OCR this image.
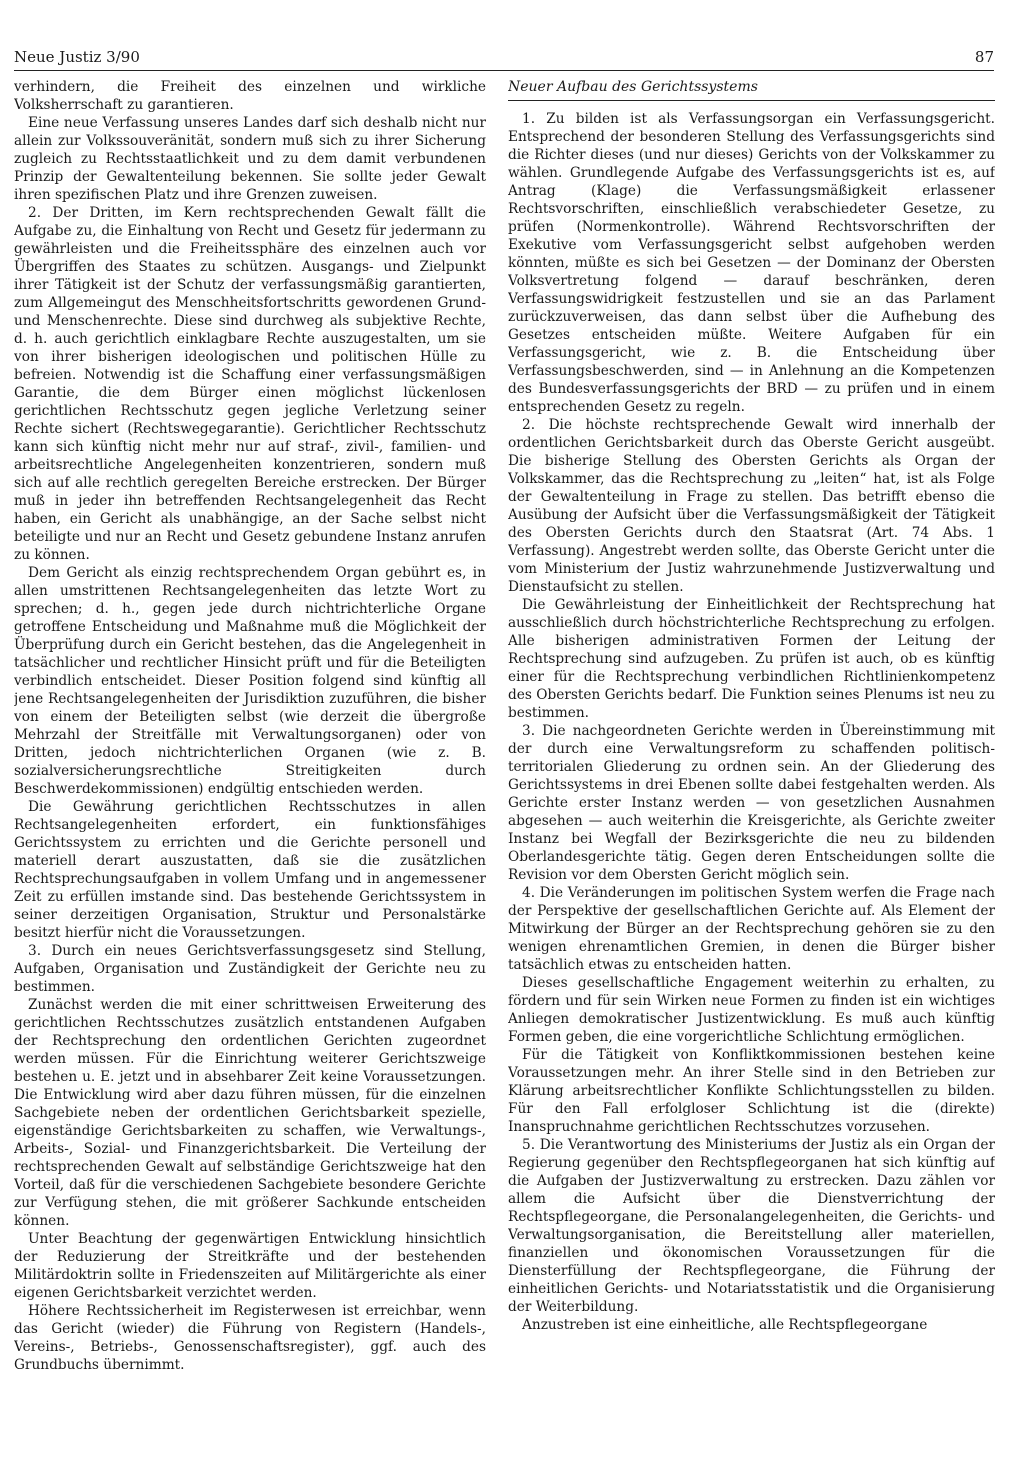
Neue Justiz 3/90	87

verhindern, die Freiheit des einzelnen und wirkliche Volksherrschaft zu garantieren.

Eine neue Verfassung unseres Landes darf sich deshalb nicht nur allein zur Volkssouveränität, sondern muß sich zu ihrer Sicherung zugleich zu Rechtsstaatlichkeit und zu dem damit verbundenen Prinzip der Gewaltenteilung bekennen. Sie sollte jeder Gewalt ihren spezifischen Platz und ihre Grenzen zuweisen.

2. Der Dritten, im Kern rechtsprechenden Gewalt fällt die Aufgabe zu, die Einhaltung von Recht und Gesetz für jedermann zu gewährleisten und die Freiheitssphäre des einzelnen auch vor Übergriffen des Staates zu schützen. Ausgangs- und Zielpunkt ihrer Tätigkeit ist der Schutz der verfassungsmäßig garantierten, zum Allgemeingut des Menschheitsfortschritts gewordenen Grund- und Menschenrechte. Diese sind durchweg als subjektive Rechte, d. h. auch gerichtlich einklagbare Rechte auszugestalten, um sie von ihrer bisherigen ideologischen und politischen Hülle zu befreien. Notwendig ist die Schaffung einer verfassungsmäßigen Garantie, die dem Bürger einen möglichst lückenlosen gerichtlichen Rechtsschutz gegen jegliche Verletzung seiner Rechte sichert (Rechtswegegarantie). Gerichtlicher Rechtsschutz kann sich künftig nicht mehr nur auf straf-, zivil-, familien- und arbeitsrechtliche Angelegenheiten konzentrieren, sondern muß sich auf alle rechtlich geregelten Bereiche erstrecken. Der Bürger muß in jeder ihn betreffenden Rechtsangelegenheit das Recht haben, ein Gericht als unabhängige, an der Sache selbst nicht beteiligte und nur an Recht und Gesetz gebundene Instanz anrufen zu können.

Dem Gericht als einzig rechtsprechendem Organ gebührt es, in allen umstrittenen Rechtsangelegenheiten das letzte Wort zu sprechen; d. h., gegen jede durch nichtrichterliche Organe getroffene Entscheidung und Maßnahme muß die Möglichkeit der Überprüfung durch ein Gericht bestehen, das die Angelegenheit in tatsächlicher und rechtlicher Hinsicht prüft und für die Beteiligten verbindlich entscheidet. Dieser Position folgend sind künftig all jene Rechtsangelegenheiten der Jurisdiktion zuzuführen, die bisher von einem der Beteiligten selbst (wie derzeit die übergroße Mehrzahl der Streitfälle mit Verwaltungsorganen) oder von Dritten, jedoch nichtrichterlichen Organen (wie z. B. sozialversicherungsrechtliche Streitigkeiten durch Beschwerdekommissionen) endgültig entschieden werden.

Die Gewährung gerichtlichen Rechtsschutzes in allen Rechtsangelegenheiten erfordert, ein funktionsfähiges Gerichtssystem zu errichten und die Gerichte personell und materiell derart auszustatten, daß sie die zusätzlichen Rechtsprechungsaufgaben in vollem Umfang und in angemessener Zeit zu erfüllen imstande sind. Das bestehende Gerichtssystem in seiner derzeitigen Organisation, Struktur und Personalstärke besitzt hierfür nicht die Voraussetzungen.

3. Durch ein neues Gerichtsverfassungsgesetz sind Stellung, Aufgaben, Organisation und Zuständigkeit der Gerichte neu zu bestimmen.

Zunächst werden die mit einer schrittweisen Erweiterung des gerichtlichen Rechtsschutzes zusätzlich entstandenen Aufgaben der Rechtsprechung den ordentlichen Gerichten zugeordnet werden müssen. Für die Einrichtung weiterer Gerichtszweige bestehen u. E. jetzt und in absehbarer Zeit keine Voraussetzungen. Die Entwicklung wird aber dazu führen müssen, für die einzelnen Sachgebiete neben der ordentlichen Gerichtsbarkeit spezielle, eigenständige Gerichtsbarkeiten zu schaffen, wie Verwaltungs-, Arbeits-, Sozial- und Finanzgerichtsbarkeit. Die Verteilung der rechtsprechenden Gewalt auf selbständige Gerichtszweige hat den Vorteil, daß für die verschiedenen Sachgebiete besondere Gerichte zur Verfügung stehen, die mit größerer Sachkunde entscheiden können.

Unter Beachtung der gegenwärtigen Entwicklung hinsichtlich der Reduzierung der Streitkräfte und der bestehenden Militärdoktrin sollte in Friedenszeiten auf Militärgerichte als einer eigenen Gerichtsbarkeit verzichtet werden.

Höhere Rechtssicherheit im Registerwesen ist erreichbar, wenn das Gericht (wieder) die Führung von Registern (Handels-, Vereins-, Betriebs-, Genossenschaftsregister), ggf. auch des Grundbuchs übernimmt.

Neuer Aufbau des Gerichtssystems

1. Zu bilden ist als Verfassungsorgan ein Verfassungsgericht. Entsprechend der besonderen Stellung des Verfassungsgerichts sind die Richter dieses (und nur dieses) Gerichts von der Volkskammer zu wählen. Grundlegende Aufgabe des Verfassungsgerichts ist es, auf Antrag (Klage) die Verfassungsmäßigkeit erlassener Rechtsvorschriften, einschließlich verabschiedeter Gesetze, zu prüfen (Normenkontrolle). Während Rechtsvorschriften der Exekutive vom Verfassungsgericht selbst aufgehoben werden könnten, müßte es sich bei Gesetzen — der Dominanz der Obersten Volksvertretung folgend — darauf beschränken, deren Verfassungswidrigkeit festzustellen und sie an das Parlament zurückzuverweisen, das dann selbst über die Aufhebung des Gesetzes entscheiden müßte. Weitere Aufgaben für ein Verfassungsgericht, wie z. B. die Entscheidung über Verfassungsbeschwerden, sind — in Anlehnung an die Kompetenzen des Bundesverfassungsgerichts der BRD — zu prüfen und in einem entsprechenden Gesetz zu regeln.

2. Die höchste rechtsprechende Gewalt wird innerhalb der ordentlichen Gerichtsbarkeit durch das Oberste Gericht ausgeübt. Die bisherige Stellung des Obersten Gerichts als Organ der Volkskammer, das die Rechtsprechung zu „leiten“ hat, ist als Folge der Gewaltenteilung in Frage zu stellen. Das betrifft ebenso die Ausübung der Aufsicht über die Verfassungsmäßigkeit der Tätigkeit des Obersten Gerichts durch den Staatsrat (Art. 74 Abs. 1 Verfassung). Angestrebt werden sollte, das Oberste Gericht unter die vom Ministerium der Justiz wahrzunehmende Justizverwaltung und Dienstaufsicht zu stellen.

Die Gewährleistung der Einheitlichkeit der Rechtsprechung hat ausschließlich durch höchstrichterliche Rechtsprechung zu erfolgen. Alle bisherigen administrativen Formen der Leitung der Rechtsprechung sind aufzugeben. Zu prüfen ist auch, ob es künftig einer für die Rechtsprechung verbindlichen Richtlinienkompetenz des Obersten Gerichts bedarf. Die Funktion seines Plenums ist neu zu bestimmen.

3. Die nachgeordneten Gerichte werden in Übereinstimmung mit der durch eine Verwaltungsreform zu schaffenden politisch-territorialen Gliederung zu ordnen sein. An der Gliederung des Gerichtssystems in drei Ebenen sollte dabei festgehalten werden. Als Gerichte erster Instanz werden — von gesetzlichen Ausnahmen abgesehen — auch weiterhin die Kreisgerichte, als Gerichte zweiter Instanz bei Wegfall der Bezirksgerichte die neu zu bildenden Oberlandesgerichte tätig. Gegen deren Entscheidungen sollte die Revision vor dem Obersten Gericht möglich sein.

4. Die Veränderungen im politischen System werfen die Frage nach der Perspektive der gesellschaftlichen Gerichte auf. Als Element der Mitwirkung der Bürger an der Rechtsprechung gehören sie zu den wenigen ehrenamtlichen Gremien, in denen die Bürger bisher tatsächlich etwas zu entscheiden hatten.

Dieses gesellschaftliche Engagement weiterhin zu erhalten, zu fördern und für sein Wirken neue Formen zu finden ist ein wichtiges Anliegen demokratischer Justizentwicklung. Es muß auch künftig Formen geben, die eine vorgerichtliche Schlichtung ermöglichen.

Für die Tätigkeit von Konfliktkommissionen bestehen keine Voraussetzungen mehr. An ihrer Stelle sind in den Betrieben zur Klärung arbeitsrechtlicher Konflikte Schlichtungsstellen zu bilden. Für den Fall erfolgloser Schlichtung ist die (direkte) Inanspruchnahme gerichtlichen Rechtsschutzes vorzusehen.

5. Die Verantwortung des Ministeriums der Justiz als ein Organ der Regierung gegenüber den Rechtspflegeorganen hat sich künftig auf die Aufgaben der Justizverwaltung zu erstrecken. Dazu zählen vor allem die Aufsicht über die Dienstverrichtung der Rechtspflegeorgane, die Personalangelegenheiten, die Gerichts- und Verwaltungsorganisation, die Bereitstellung aller materiellen, finanziellen und ökonomischen Voraussetzungen für die Diensterfüllung der Rechtspflegeorgane, die Führung der einheitlichen Gerichts- und Notariatsstatistik und die Organisierung der Weiterbildung.

Anzustreben ist eine einheitliche, alle Rechtspflegeorgane
